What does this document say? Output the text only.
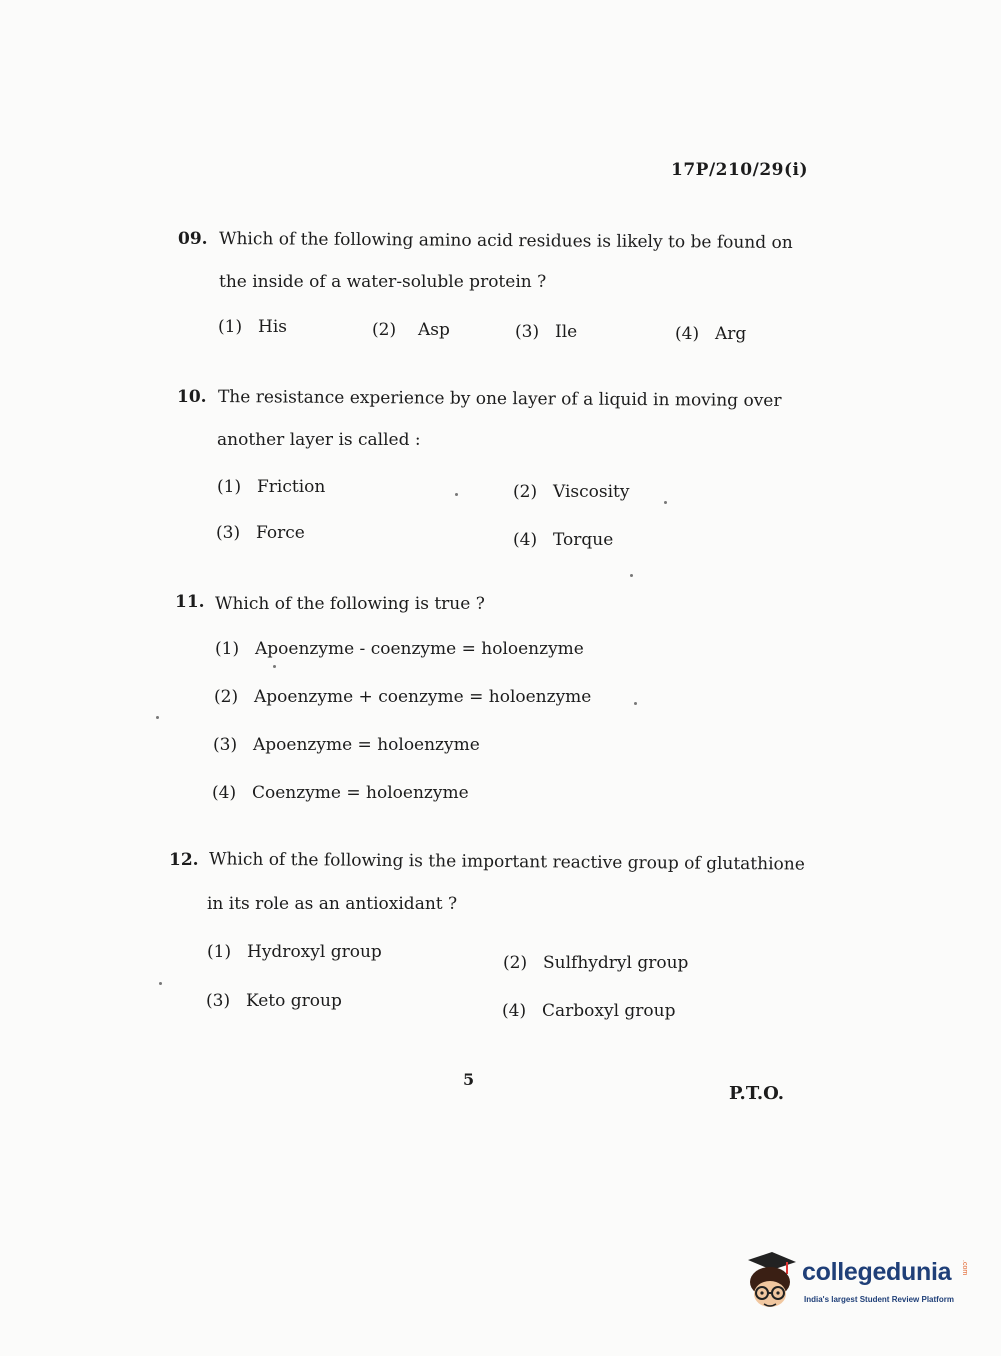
17P/210/29(i)
09. Which of the following amino acid residues is likely to be found on
the inside of a water-soluble protein ?
(1) His	(2) Asp	(3) Ile	(4) Arg
10. The resistance experience by one layer of a liquid in moving over
another layer is called :
(1) Friction	(2) Viscosity
(3) Force	(4) Torque
11. Which of the following is true ?
(1) Apoenzyme - coenzyme = holoenzyme
(2) Apoenzyme + coenzyme = holoenzyme
(3) Apoenzyme = holoenzyme
(4) Coenzyme = holoenzyme
12. Which of the following is the important reactive group of glutathione
in its role as an antioxidant ?
(1) Hydroxyl group
(2) Sulfhydryl group
(3) Keto group	(4) Carboxyl group
5
P.T.O.
collegedunia .com
India's largest Student Review Platform
